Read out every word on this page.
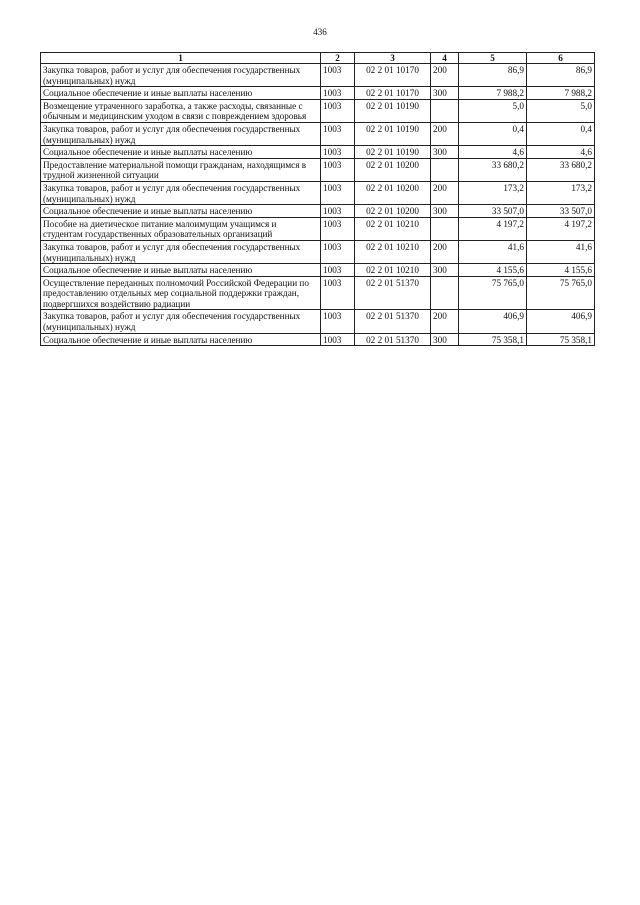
436
1	2	3	4	5	6
Закупка товаров, работ и услуг для обеспечения государственных (муниципальных) нужд	1003	02 2 01 10170	200	86,9	86,9
Социальное обеспечение и иные выплаты населению	1003	02 2 01 10170	300	7 988,2	7 988,2
Возмещение утраченного заработка, а также расходы, связанные с обычным и медицинским уходом в связи с повреждением здоровья	1003	02 2 01 10190		5,0	5,0
Закупка товаров, работ и услуг для обеспечения государственных (муниципальных) нужд	1003	02 2 01 10190	200	0,4	0,4
Социальное обеспечение и иные выплаты населению	1003	02 2 01 10190	300	4,6	4,6
Предоставление материальной помощи гражданам, находящимся в трудной жизненной ситуации	1003	02 2 01 10200		33 680,2	33 680,2
Закупка товаров, работ и услуг для обеспечения государственных (муниципальных) нужд	1003	02 2 01 10200	200	173,2	173,2
Социальное обеспечение и иные выплаты населению	1003	02 2 01 10200	300	33 507,0	33 507,0
Пособие на диетическое питание малоимущим учащимся и студентам государственных образовательных организаций	1003	02 2 01 10210		4 197,2	4 197,2
Закупка товаров, работ и услуг для обеспечения государственных (муниципальных) нужд	1003	02 2 01 10210	200	41,6	41,6
Социальное обеспечение и иные выплаты населению	1003	02 2 01 10210	300	4 155,6	4 155,6
Осуществление переданных полномочий Российской Федерации по предоставлению отдельных мер социальной поддержки граждан, подвергшихся воздействию радиации	1003	02 2 01 51370		75 765,0	75 765,0
Закупка товаров, работ и услуг для обеспечения государственных (муниципальных) нужд	1003	02 2 01 51370	200	406,9	406,9
Социальное обеспечение и иные выплаты населению	1003	02 2 01 51370	300	75 358,1	75 358,1
